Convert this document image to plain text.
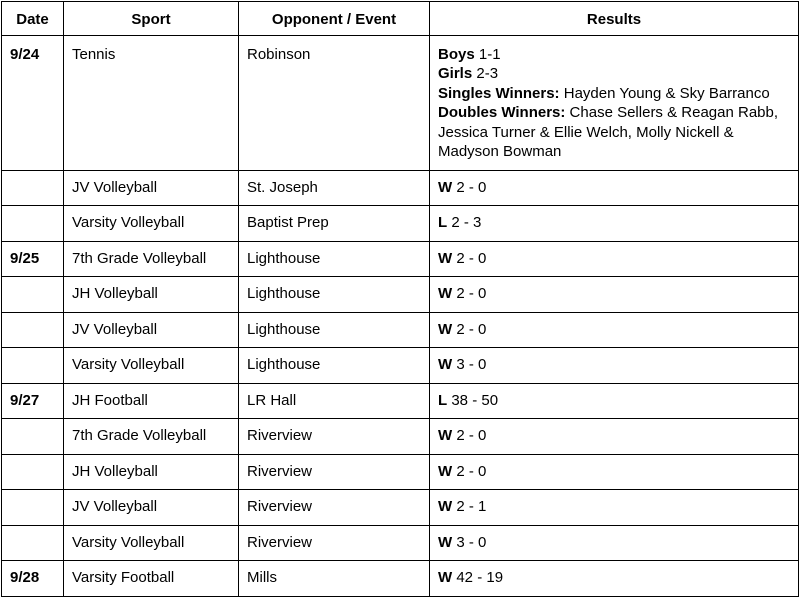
Date	Sport	Opponent / Event	Results
9/24	Tennis	Robinson	Boys 1-1
Girls 2-3
Singles Winners: Hayden Young & Sky Barranco
Doubles Winners: Chase Sellers & Reagan Rabb, Jessica Turner & Ellie Welch, Molly Nickell & Madyson Bowman

	JV Volleyball	St. Joseph	W 2 - 0
	Varsity Volleyball	Baptist Prep	L 2 - 3
9/25	7th Grade Volleyball	Lighthouse	W 2 - 0
	JH Volleyball	Lighthouse	W 2 - 0
	JV Volleyball	Lighthouse	W 2 - 0
	Varsity Volleyball	Lighthouse	W 3 - 0
9/27	JH Football	LR Hall	L 38 - 50
	7th Grade Volleyball	Riverview	W 2 - 0
	JH Volleyball	Riverview	W 2 - 0
	JV Volleyball	Riverview	W 2 - 1
	Varsity Volleyball	Riverview	W 3 - 0
9/28	Varsity Football	Mills	W 42 - 19
